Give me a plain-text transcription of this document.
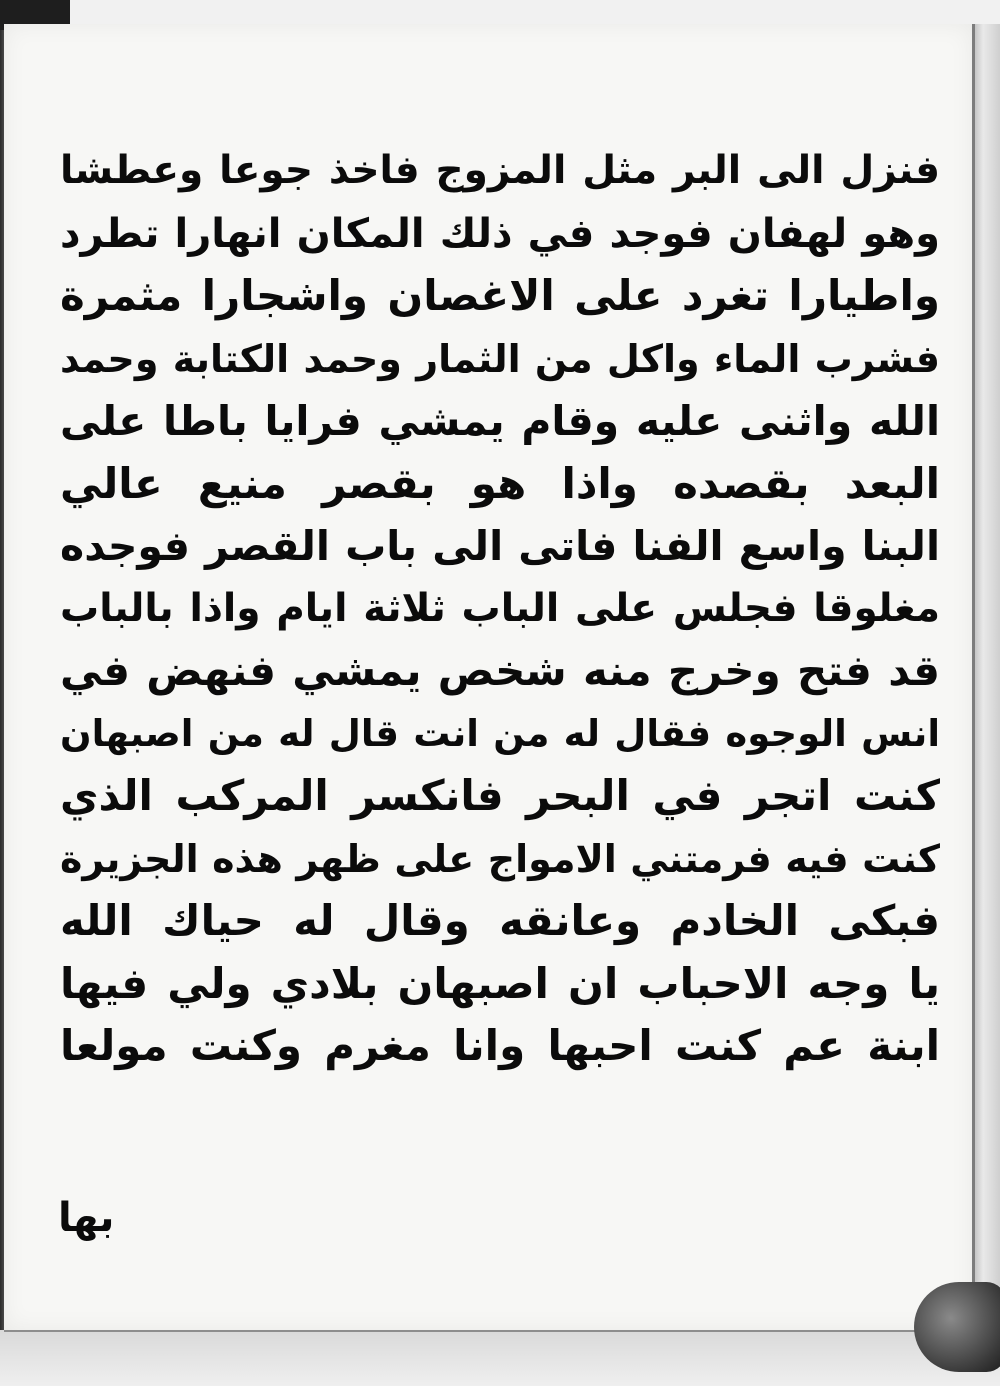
فنزل الى البر مثل المزوج فاخذ جوعا وعطشا
وهو لهفان فوجد في ذلك المكان انهارا تطرد
واطيارا تغرد على الاغصان واشجارا مثمرة
فشرب الماء واكل من الثمار وحمد الكتابة وحمد
الله واثنى عليه وقام يمشي فرايا باطا على
البعد بقصده واذا هو بقصر منيع عالي
البنا واسع الفنا فاتى الى باب القصر فوجده
مغلوقا فجلس على الباب ثلاثة ايام واذا بالباب
قد فتح وخرج منه شخص يمشي فنهض في
انس الوجوه فقال له من انت قال له من اصبهان
كنت اتجر في البحر فانكسر المركب الذي
كنت فيه فرمتني الامواج على ظهر هذه الجزيرة
فبكى الخادم وعانقه وقال له حياك الله
يا وجه الاحباب ان اصبهان بلادي ولي فيها
ابنة عم كنت احبها وانا مغرم وكنت مولعا
بها
